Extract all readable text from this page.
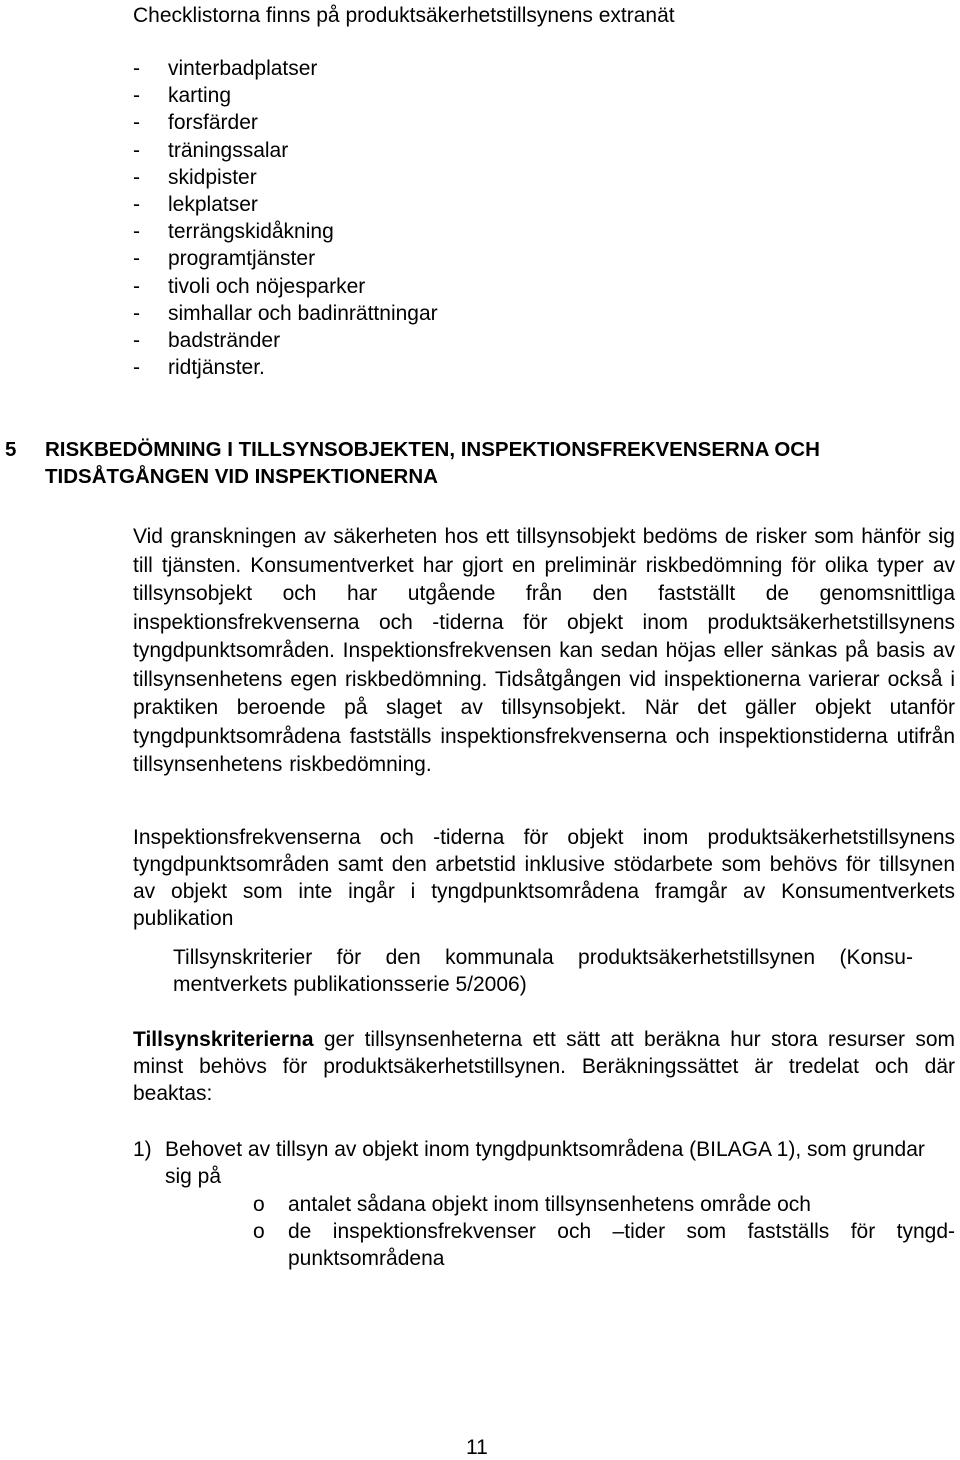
Checklistorna finns på produktsäkerhetstillsynens extranät

- vinterbadplatser
- karting
- forsfärder
- träningssalar
- skidpister
- lekplatser
- terrängskidåkning
- programtjänster
- tivoli och nöjesparker
- simhallar och badinrättningar
- badstränder
- ridtjänster.
5 RISKBEDÖMNING I TILLSYNSOBJEKTEN, INSPEKTIONSFREKVENSERNA OCH
TIDSÅTGÅNGEN VID INSPEKTIONERNA

Vid granskningen av säkerheten hos ett tillsynsobjekt bedöms de risker som hänför sig till tjänsten. Konsumentverket har gjort en preliminär riskbedömning för olika typer av tillsynsobjekt och har utgående från den fastställt de genomsnittliga inspektionsfrekvenserna och -tiderna för objekt inom produktsäkerhetstillsynens tyngdpunktsområden. Inspektionsfrekvensen kan sedan höjas eller sänkas på basis av tillsynsenhetens egen riskbedömning. Tidsåtgången vid inspektionerna varierar också i praktiken beroende på slaget av tillsynsobjekt. När det gäller objekt utanför tyngdpunktsområdena fastställs inspektionsfrekvenserna och inspektionstiderna utifrån tillsynsenhetens riskbedömning.

Inspektionsfrekvenserna och -tiderna för objekt inom produktsäkerhetstillsynens tyngdpunktsområden samt den arbetstid inklusive stödarbete som behövs för tillsynen av objekt som inte ingår i tyngdpunktsområdena framgår av Konsumentverkets publikation

Tillsynskriterier för den kommunala produktsäkerhetstillsynen (Konsumentverkets publikationsserie 5/2006)

Tillsynskriterierna ger tillsynsenheterna ett sätt att beräkna hur stora resurser som minst behövs för produktsäkerhetstillsynen. Beräkningssättet är tredelat och där beaktas:

1) Behovet av tillsyn av objekt inom tyngdpunktsområdena (BILAGA 1), som grundar sig på

o antalet sådana objekt inom tillsynsenhetens område och
o de inspektionsfrekvenser och –tider som fastställs för tyngdpunktsområdena

11
